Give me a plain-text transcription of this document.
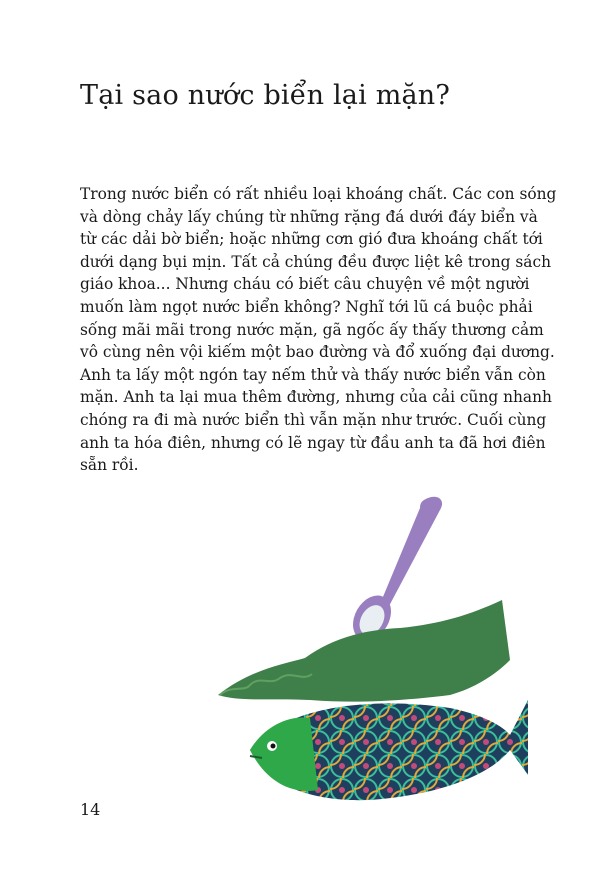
Tại sao nước biển lại mặn?

Trong nước biển có rất nhiều loại khoáng chất. Các con sóng
và dòng chảy lấy chúng từ những rặng đá dưới đáy biển và
từ các dải bờ biển; hoặc những cơn gió đưa khoáng chất tới
dưới dạng bụi mịn. Tất cả chúng đều được liệt kê trong sách
giáo khoa... Nhưng cháu có biết câu chuyện về một người
muốn làm ngọt nước biển không? Nghĩ tới lũ cá buộc phải
sống mãi mãi trong nước mặn, gã ngốc ấy thấy thương cảm
vô cùng nên vội kiếm một bao đường và đổ xuống đại dương.
Anh ta lấy một ngón tay nếm thử và thấy nước biển vẫn còn
mặn. Anh ta lại mua thêm đường, nhưng của cải cũng nhanh
chóng ra đi mà nước biển thì vẫn mặn như trước. Cuối cùng
anh ta hóa điên, nhưng có lẽ ngay từ đầu anh ta đã hơi điên
sẵn rồi.

14
